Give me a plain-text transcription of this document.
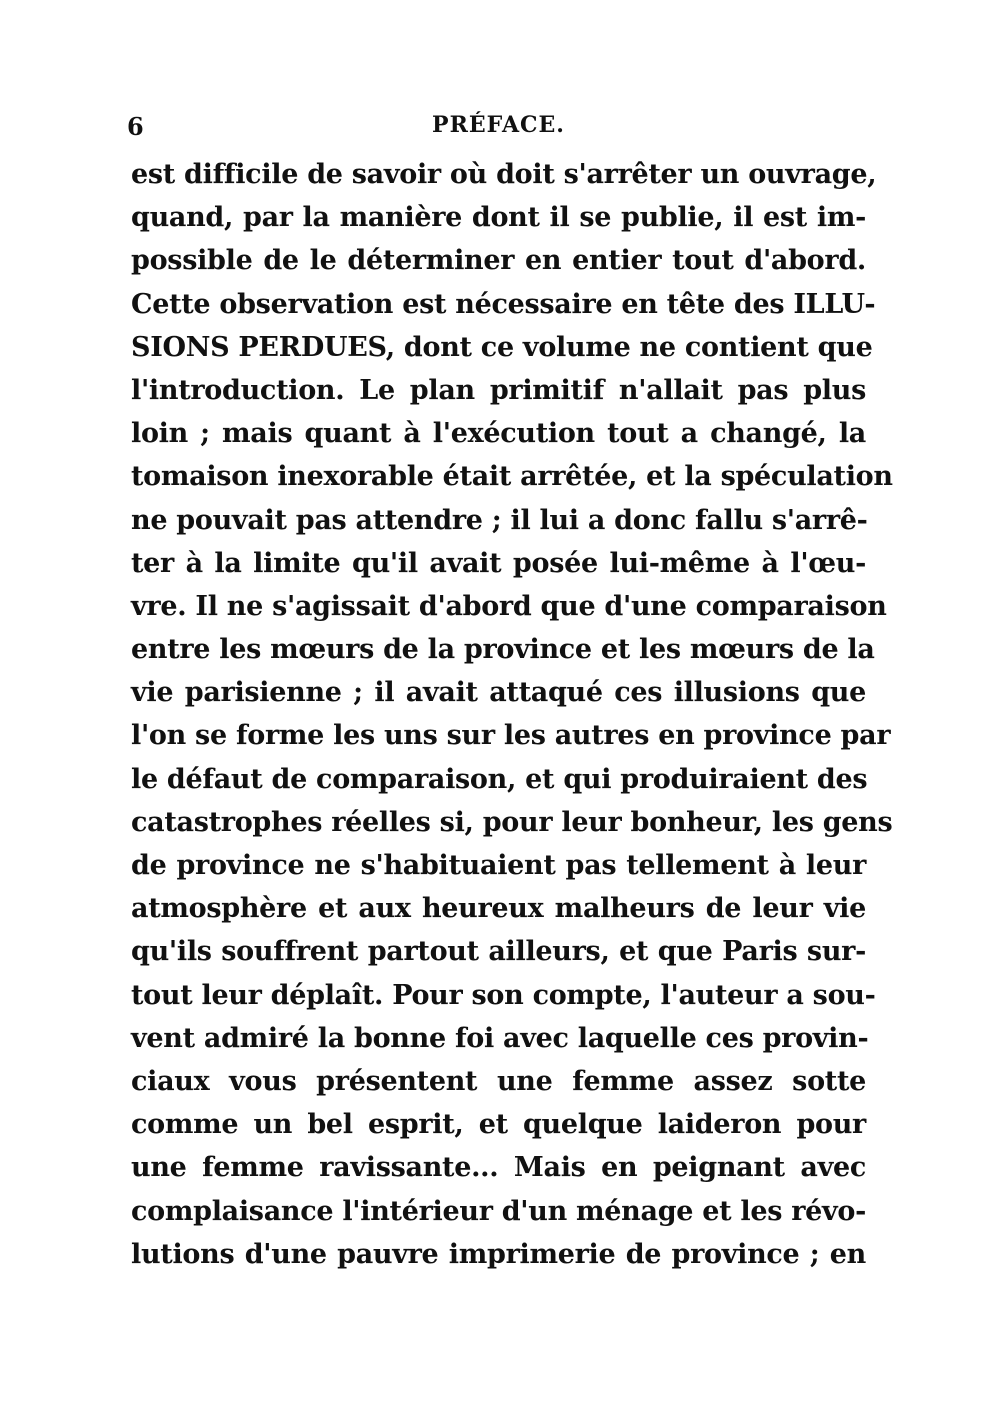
6	PRÉFACE.
est difficile de savoir où doit s'arrêter un ouvrage,
quand, par la manière dont il se publie, il est im-
possible de le déterminer en entier tout d'abord.
Cette observation est nécessaire en tête des ILLU-
SIONS PERDUES, dont ce volume ne contient que
l'introduction. Le plan primitif n'allait pas plus
loin ; mais quant à l'exécution tout a changé, la
tomaison inexorable était arrêtée, et la spéculation
ne pouvait pas attendre ; il lui a donc fallu s'arrê-
ter à la limite qu'il avait posée lui-même à l'œu-
vre. Il ne s'agissait d'abord que d'une comparaison
entre les mœurs de la province et les mœurs de la
vie parisienne ; il avait attaqué ces illusions que
l'on se forme les uns sur les autres en province par
le défaut de comparaison, et qui produiraient des
catastrophes réelles si, pour leur bonheur, les gens
de province ne s'habituaient pas tellement à leur
atmosphère et aux heureux malheurs de leur vie
qu'ils souffrent partout ailleurs, et que Paris sur-
tout leur déplaît. Pour son compte, l'auteur a sou-
vent admiré la bonne foi avec laquelle ces provin-
ciaux vous présentent une femme assez sotte
comme un bel esprit, et quelque laideron pour
une femme ravissante... Mais en peignant avec
complaisance l'intérieur d'un ménage et les révo-
lutions d'une pauvre imprimerie de province ; en
